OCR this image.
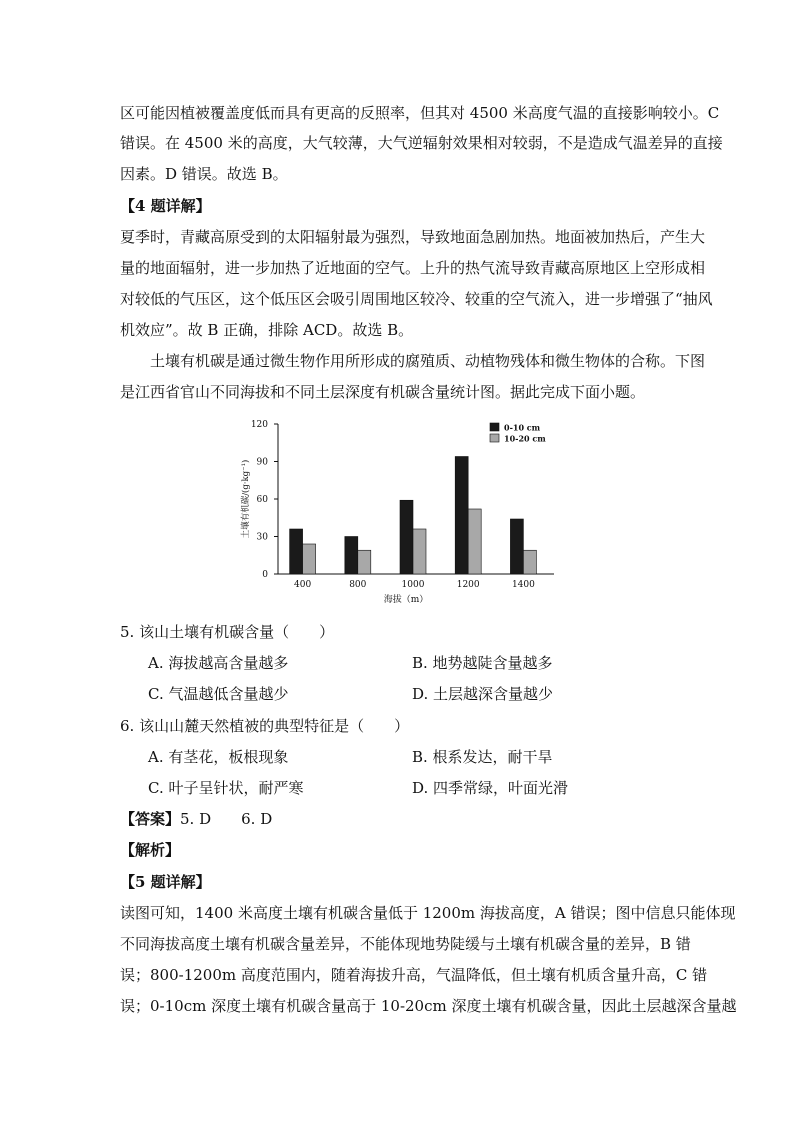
区可能因植被覆盖度低而具有更高的反照率，但其对 4500 米高度气温的直接影响较小。C
错误。在 4500 米的高度，大气较薄，大气逆辐射效果相对较弱，不是造成气温差异的直接
因素。D 错误。故选 B。
【4 题详解】
夏季时，青藏高原受到的太阳辐射最为强烈，导致地面急剧加热。地面被加热后，产生大
量的地面辐射，进一步加热了近地面的空气。上升的热气流导致青藏高原地区上空形成相
对较低的气压区，这个低压区会吸引周围地区较冷、较重的空气流入，进一步增强了“抽风
机效应”。故 B 正确，排除 ACD。故选 B。
土壤有机碳是通过微生物作用所形成的腐殖质、动植物残体和微生物体的合称。下图
是江西省官山不同海拔和不同土层深度有机碳含量统计图。据此完成下面小题。
0
30
60
90
120
400	800	1000	1200	1400
海拔（m）
土壤有机碳/(g·kg⁻¹)
0-10 cm
10-20 cm
5. 该山土壤有机碳含量（　　）
A. 海拔越高含量越多	B. 地势越陡含量越多
C. 气温越低含量越少	D. 土层越深含量越少
6. 该山山麓天然植被的典型特征是（　　）
A. 有茎花，板根现象	B. 根系发达，耐干旱
C. 叶子呈针状，耐严寒	D. 四季常绿，叶面光滑
【答案】5. D　　6. D
【解析】
【5 题详解】
读图可知，1400 米高度土壤有机碳含量低于 1200m 海拔高度，A 错误；图中信息只能体现
不同海拔高度土壤有机碳含量差异，不能体现地势陡缓与土壤有机碳含量的差异，B 错
误；800-1200m 高度范围内，随着海拔升高，气温降低，但土壤有机质含量升高，C 错
误；0-10cm 深度土壤有机碳含量高于 10-20cm 深度土壤有机碳含量，因此土层越深含量越
